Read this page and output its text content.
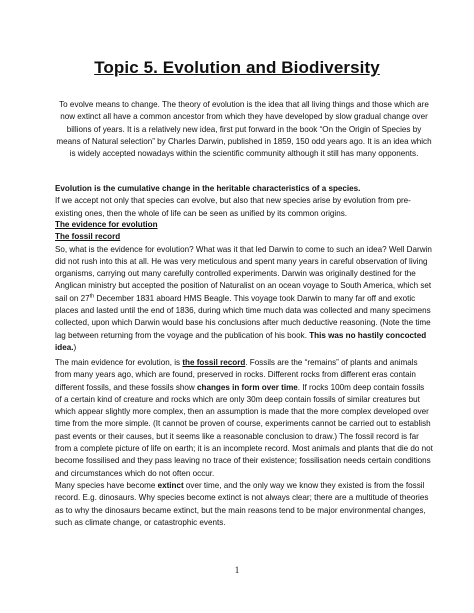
Topic 5. Evolution and Biodiversity
To evolve means to change. The theory of evolution is the idea that all living things and those which are now extinct all have a common ancestor from which they have developed by slow gradual change over billions of years. It is a relatively new idea, first put forward in the book “On the Origin of Species by means of Natural selection” by Charles Darwin, published in 1859, 150 odd years ago. It is an idea which is widely accepted nowadays within the scientific community although it still has many opponents.
Evolution is the cumulative change in the heritable characteristics of a species.
If we accept not only that species can evolve, but also that new species arise by evolution from pre-existing ones, then the whole of life can be seen as unified by its common origins.
The evidence for evolution
The fossil record
So, what is the evidence for evolution? What was it that led Darwin to come to such an idea? Well Darwin did not rush into this at all. He was very meticulous and spent many years in careful observation of living organisms, carrying out many carefully controlled experiments. Darwin was originally destined for the Anglican ministry but accepted the position of Naturalist on an ocean voyage to South America, which set sail on 27th December 1831 aboard HMS Beagle. This voyage took Darwin to many far off and exotic places and lasted until the end of 1836, during which time much data was collected and many specimens collected, upon which Darwin would base his conclusions after much deductive reasoning. (Note the time lag between returning from the voyage and the publication of his book. This was no hastily concocted idea.)
The main evidence for evolution, is the fossil record. Fossils are the “remains” of plants and animals from many years ago, which are found, preserved in rocks. Different rocks from different eras contain different fossils, and these fossils show changes in form over time. If rocks 100m deep contain fossils of a certain kind of creature and rocks which are only 30m deep contain fossils of similar creatures but which appear slightly more complex, then an assumption is made that the more complex developed over time from the more simple. (It cannot be proven of course, experiments cannot be carried out to establish past events or their causes, but it seems like a reasonable conclusion to draw.) The fossil record is far from a complete picture of life on earth; it is an incomplete record. Most animals and plants that die do not become fossilised and they pass leaving no trace of their existence; fossilisation needs certain conditions and circumstances which do not often occur.
Many species have become extinct over time, and the only way we know they existed is from the fossil record. E.g. dinosaurs. Why species become extinct is not always clear; there are a multitude of theories as to why the dinosaurs became extinct, but the main reasons tend to be major environmental changes, such as climate change, or catastrophic events.
1
